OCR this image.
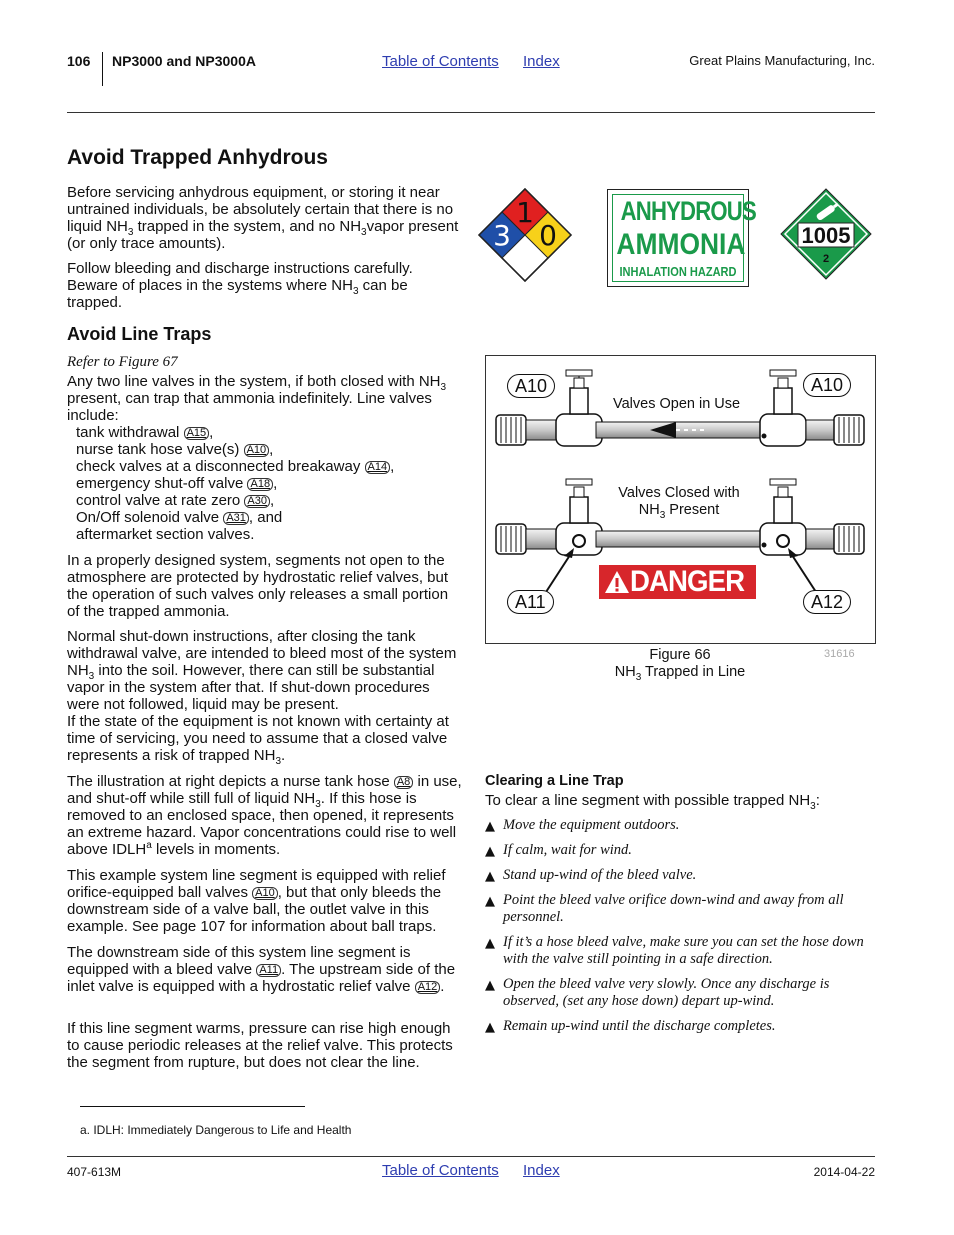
106 NP3000 and NP3000A	Table of Contents Index	Great Plains Manufacturing, Inc.
Avoid Trapped Anhydrous

Before servicing anhydrous equipment, or storing it near untrained individuals, be absolutely certain that there is no liquid $NH_3$ trapped in the system, and no $NH_3vapor$ present (or only trace amounts).

Follow bleeding and discharge instructions carefully. Beware of places in the systems where $NH_3$ can be trapped.

Avoid Line Traps
Refer to Figure 67

Any two line valves in the system, if both closed with $NH_3$ present, can trap that ammonia indefinitely. Line valves include:

tank withdrawal A15 ,
nurse tank hose valve(s) A10 ,
check valves at a disconnected breakaway A14 ,
emergency shut-off valve A18 ,
control valve at rate zero A30 ,
On/Off solenoid valve A31 , and
aftermarket section valves.

In a properly designed system, segments not open to the atmosphere are protected by hydrostatic relief valves, but the operation of such valves only releases a small portion of the trapped ammonia.

Normal shut-down instructions, after closing the tank withdrawal valve, are intended to bleed most of the system $NH_3$ into the soil. However, there can still be substantial vapor in the system after that. If shut-down procedures were not followed, liquid may be present.

If the state of the equipment is not known with certainty at time of servicing, you need to assume that a closed valve represents a risk of trapped $NH_3$.

The illustration at right depicts a nurse tank hose A8 in use, and shut-off while still full of liquid $NH_3$. If this hose is removed to an enclosed space, then opened, it represents an extreme hazard. Vapor concentrations could rise to well above IDLH$^a$ levels in moments.

This example system line segment is equipped with relief orifice-equipped ball valves A10 , but that only bleeds the downstream side of a valve ball, the outlet valve in this example. See page 107 for information about ball traps.

The downstream side of this system line segment is equipped with a bleed valve A11 . The upstream side of the inlet valve is equipped with a hydrostatic relief valve A12 .

If this line segment warms, pressure can rise high enough to cause periodic releases at the relief valve. This protects the segment from rupture, but does not clear the line.

a. IDLH: Immediately Dangerous to Life and Health
3
1
0
ANHYDROUS
AMMONIA
INHALATION HAZARD
1005
2
Valves Open in Use
Valves Closed with
$NH_3$ Present
A10	A10
A11	A12
DANGER
31616
Figure 66
$NH_3$ Trapped in Line
Clearing a Line Trap
To clear a line segment with possible trapped $NH_3$:
▲ Move the equipment outdoors.
▲ If calm, wait for wind.
▲ Stand up-wind of the bleed valve.
▲ Point the bleed valve orifice down-wind and away from all personnel.
▲ If it’s a hose bleed valve, make sure you can set the hose down with the valve still pointing in a safe direction.
▲ Open the bleed valve very slowly. Once any discharge is observed, (set any hose down) depart up-wind.
▲ Remain up-wind until the discharge completes.
407-613M	Table of Contents Index	2014-04-22
